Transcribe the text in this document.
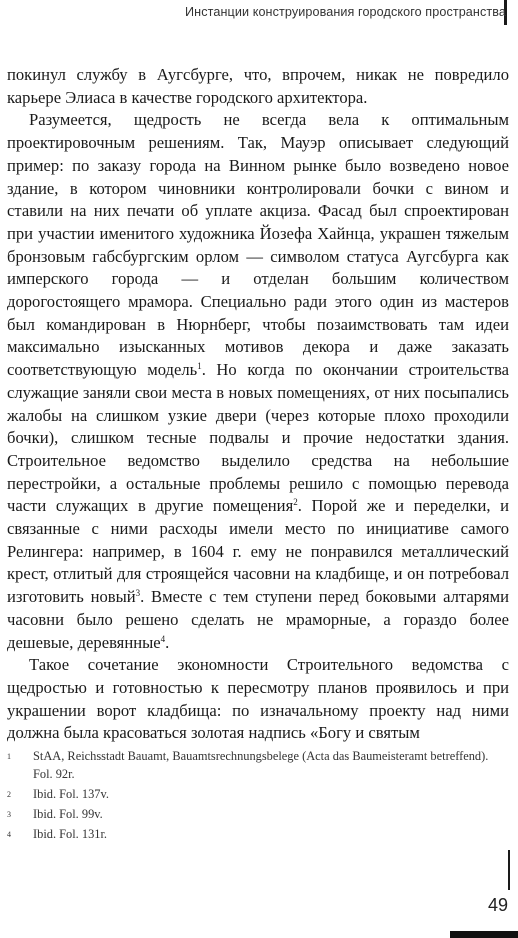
Инстанции конструирования городского пространства

покинул службу в Аугсбурге, что, впрочем, никак не повредило карьере Элиаса в качестве городского архитектора.

Разумеется, щедрость не всегда вела к оптимальным проектировочным решениям. Так, Мауэр описывает следующий пример: по заказу города на Винном рынке было возведено новое здание, в котором чиновники контролировали бочки с вином и ставили на них печати об уплате акциза. Фасад был спроектирован при участии именитого художника Йозефа Хайнца, украшен тяжелым бронзовым габсбургским орлом — символом статуса Аугсбурга как имперского города — и отделан большим количеством дорогостоящего мрамора. Специально ради этого один из мастеров был командирован в Нюрнберг, чтобы позаимствовать там идеи максимально изысканных мотивов декора и даже заказать соответствующую модель$^1$. Но когда по окончании строительства служащие заняли свои места в новых помещениях, от них посыпались жалобы на слишком узкие двери (через которые плохо проходили бочки), слишком тесные подвалы и прочие недостатки здания. Строительное ведомство выделило средства на небольшие перестройки, а остальные проблемы решило с помощью перевода части служащих в другие помещения$^2$. Порой же и переделки, и связанные с ними расходы имели место по инициативе самого Релингера: например, в 1604 г. ему не понравился металлический крест, отлитый для строящейся часовни на кладбище, и он потребовал изготовить новый$^3$. Вместе с тем ступени перед боковыми алтарями часовни было решено сделать не мраморные, а гораздо более дешевые, деревянные$^4$.

Такое сочетание экономности Строительного ведомства с щедростью и готовностью к пересмотру планов проявилось и при украшении ворот кладбища: по изначальному проекту над ними должна была красоваться золотая надпись «Богу и святым

1	StAA, Reichsstadt Bauamt, Bauamtsrechnungsbelege (Acta das Baumeisteramt betreffend). Fol. 92r.
2	Ibid. Fol. 137v.
3	Ibid. Fol. 99v.
4	Ibid. Fol. 131r.
49
